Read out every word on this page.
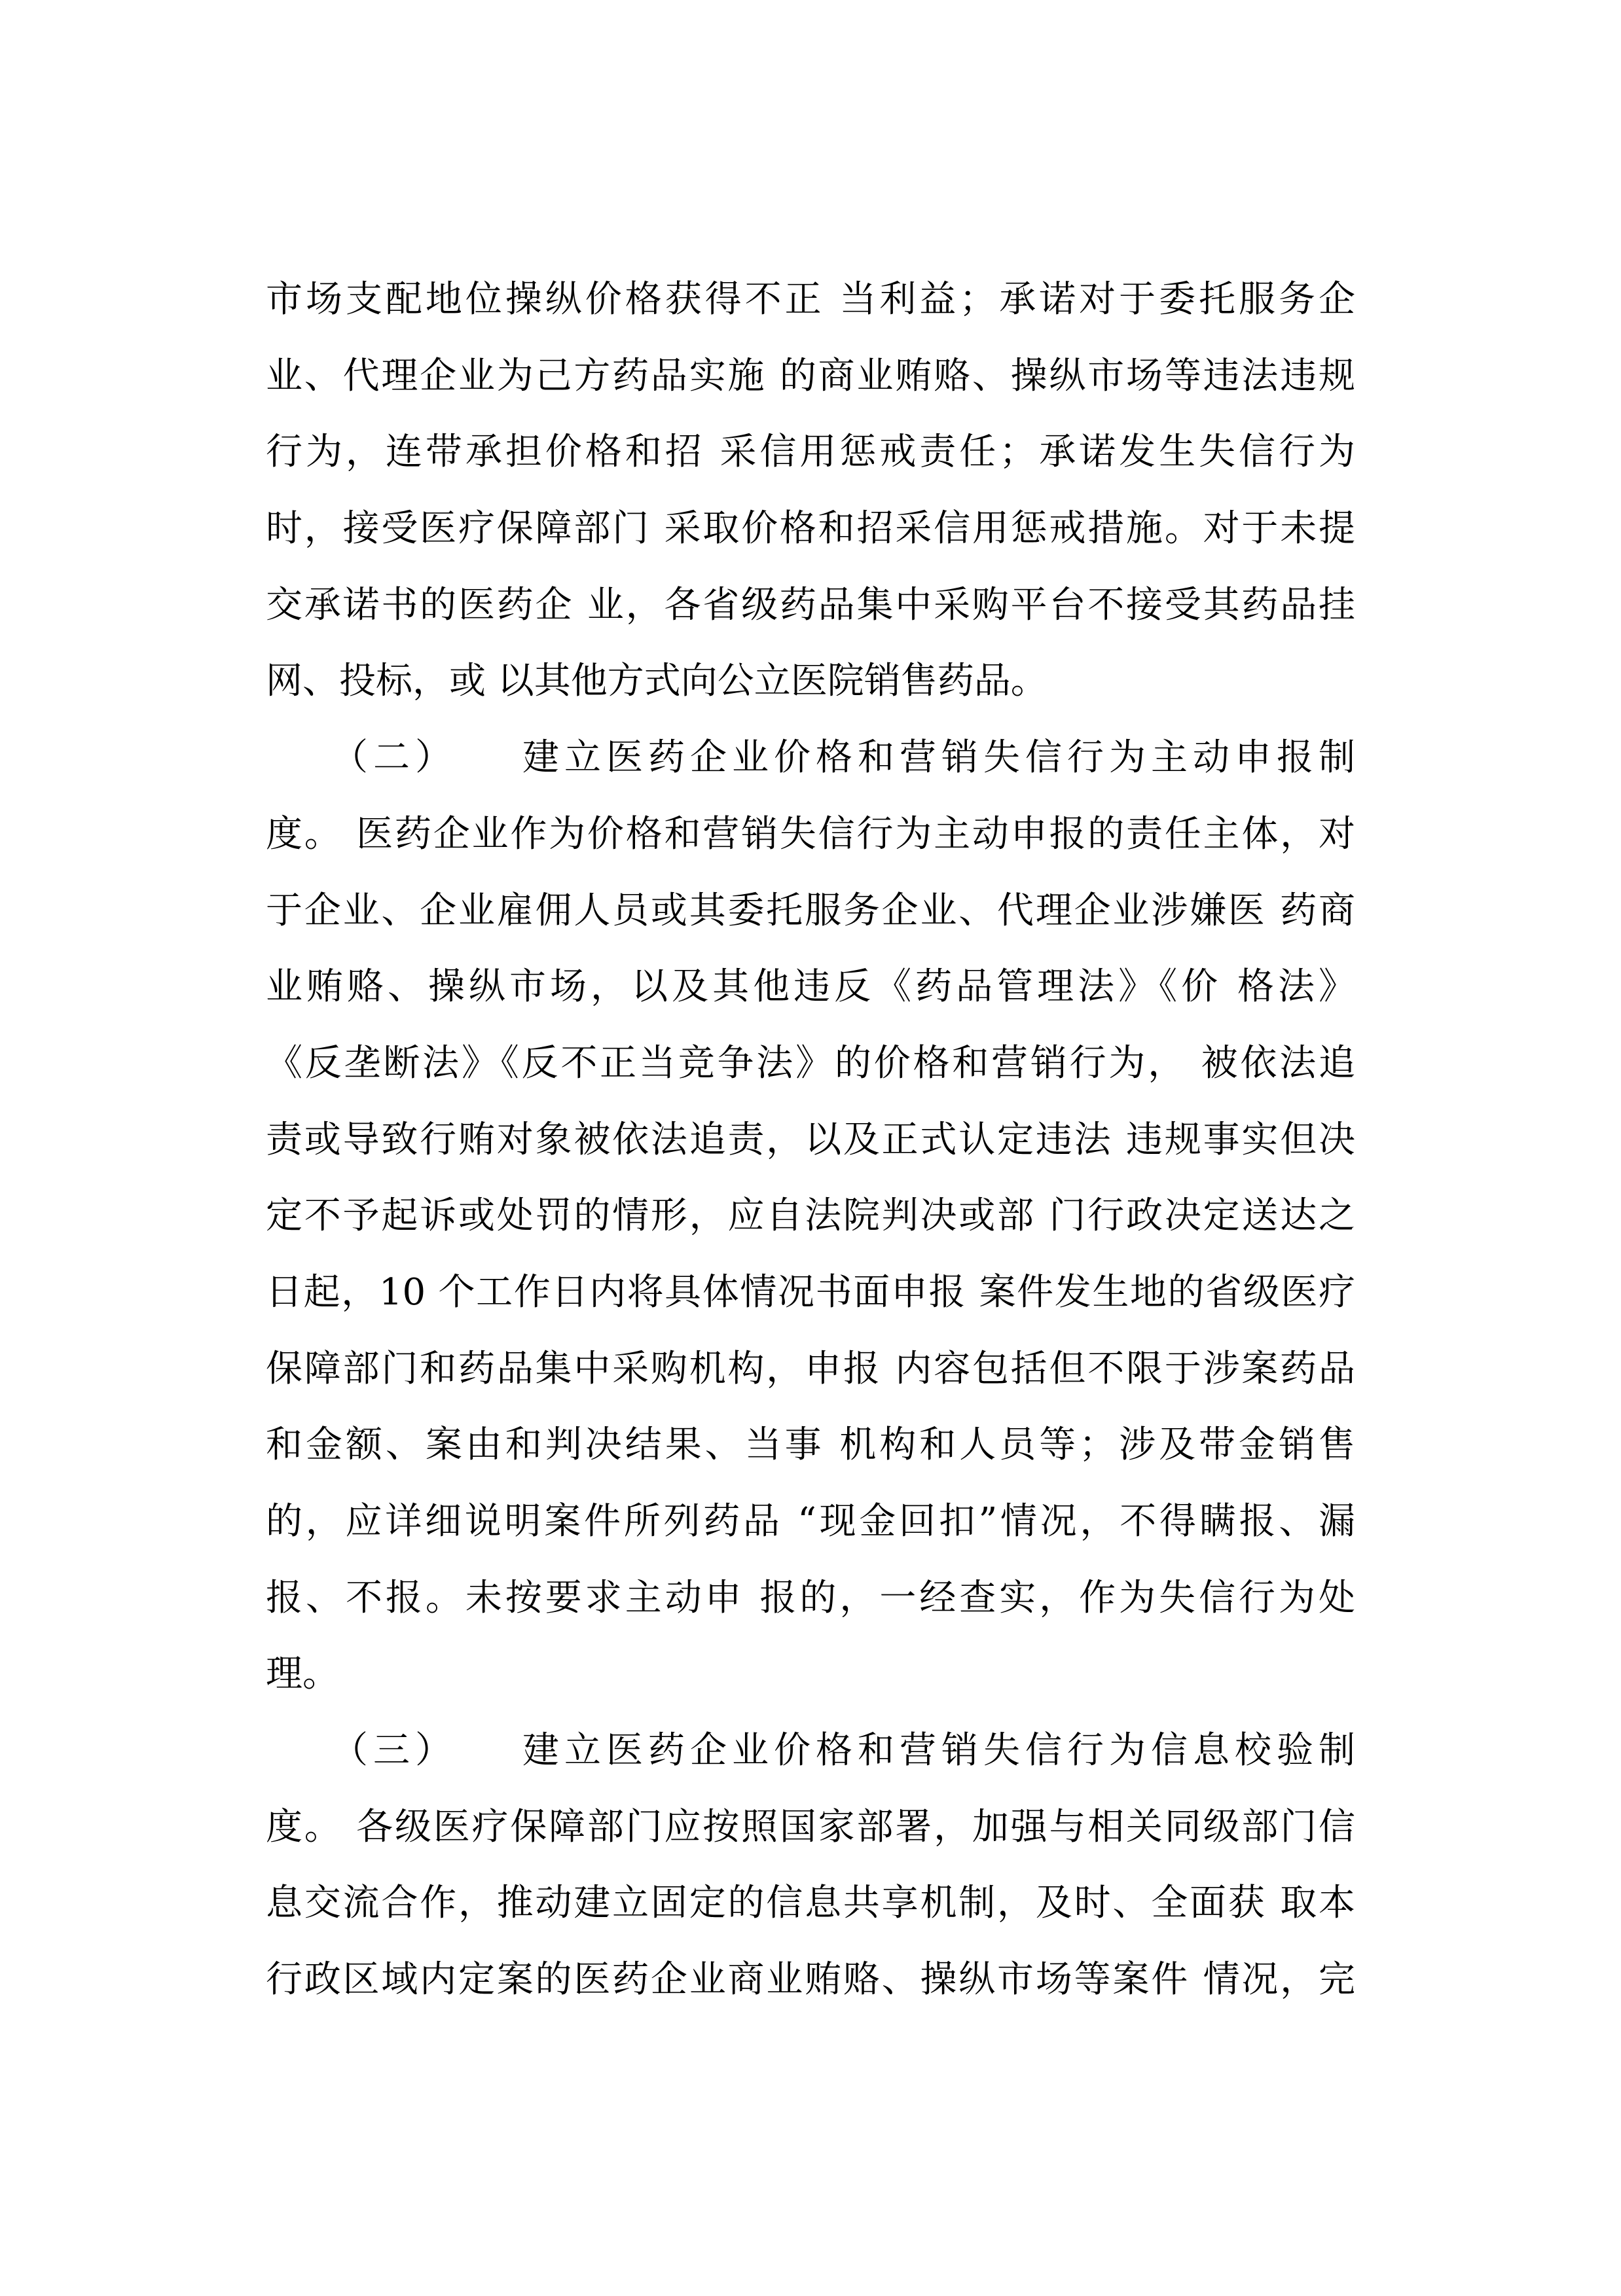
市场支配地位操纵价格获得不正 当利益；承诺对于委托服务企
业、代理企业为己方药品实施 的商业贿赂、操纵市场等违法违规
行为，连带承担价格和招 采信用惩戒责任；承诺发生失信行为
时，接受医疗保障部门 采取价格和招采信用惩戒措施。对于未提
交承诺书的医药企 业，各省级药品集中采购平台不接受其药品挂
网、投标，或 以其他方式向公立医院销售药品。
　　（二）　　建立医药企业价格和营销失信行为主动申报制
度。 医药企业作为价格和营销失信行为主动申报的责任主体，对
于企业、企业雇佣人员或其委托服务企业、代理企业涉嫌医 药商
业贿赂、操纵市场，以及其他违反《药品管理法》《价 格法》
《反垄断法》《反不正当竞争法》的价格和营销行为， 被依法追
责或导致行贿对象被依法追责，以及正式认定违法 违规事实但决
定不予起诉或处罚的情形，应自法院判决或部 门行政决定送达之
日起，10 个工作日内将具体情况书面申报 案件发生地的省级医疗
保障部门和药品集中采购机构，申报 内容包括但不限于涉案药品
和金额、案由和判决结果、当事 机构和人员等；涉及带金销售
的，应详细说明案件所列药品 “现金回扣”情况，不得瞒报、漏
报、不报。未按要求主动申 报的，一经查实，作为失信行为处
理。
　　（三）　　建立医药企业价格和营销失信行为信息校验制
度。 各级医疗保障部门应按照国家部署，加强与相关同级部门信
息交流合作，推动建立固定的信息共享机制，及时、全面获 取本
行政区域内定案的医药企业商业贿赂、操纵市场等案件 情况，完
